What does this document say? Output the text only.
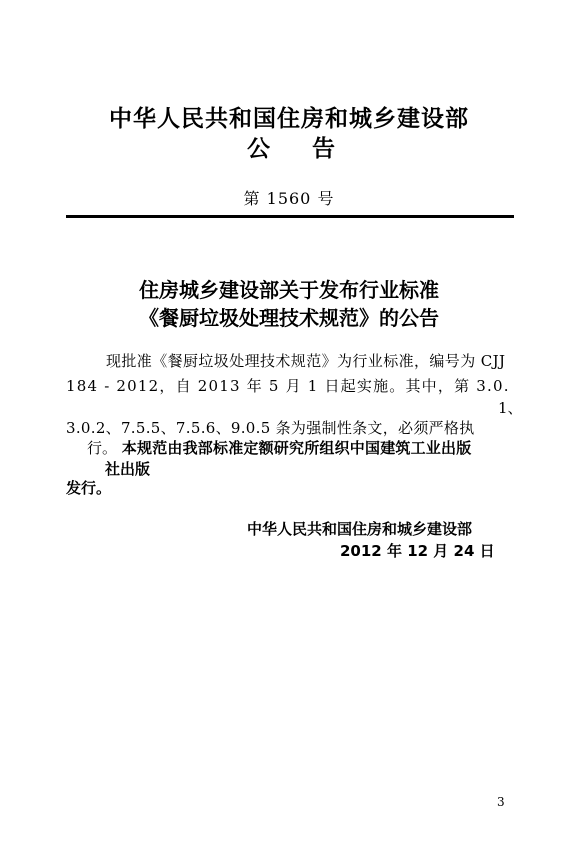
中华人民共和国住房和城乡建设部
公告
第 1560 号
住房城乡建设部关于发布行业标准
《餐厨垃圾处理技术规范》的公告
现批准《餐厨垃圾处理技术规范》为行业标准，编号为 CJJ
184 - 2012，自 2013 年 5 月 1 日起实施。其中，第 3.0.
1、
3.0.2、7.5.5、7.5.6、9.0.5 条为强制性条文，必须严格执
行。 本规范由我部标准定额研究所组织中国建筑工业出版
社出版
发行。
中华人民共和国住房和城乡建设部
2012 年 12 月 24 日
3
